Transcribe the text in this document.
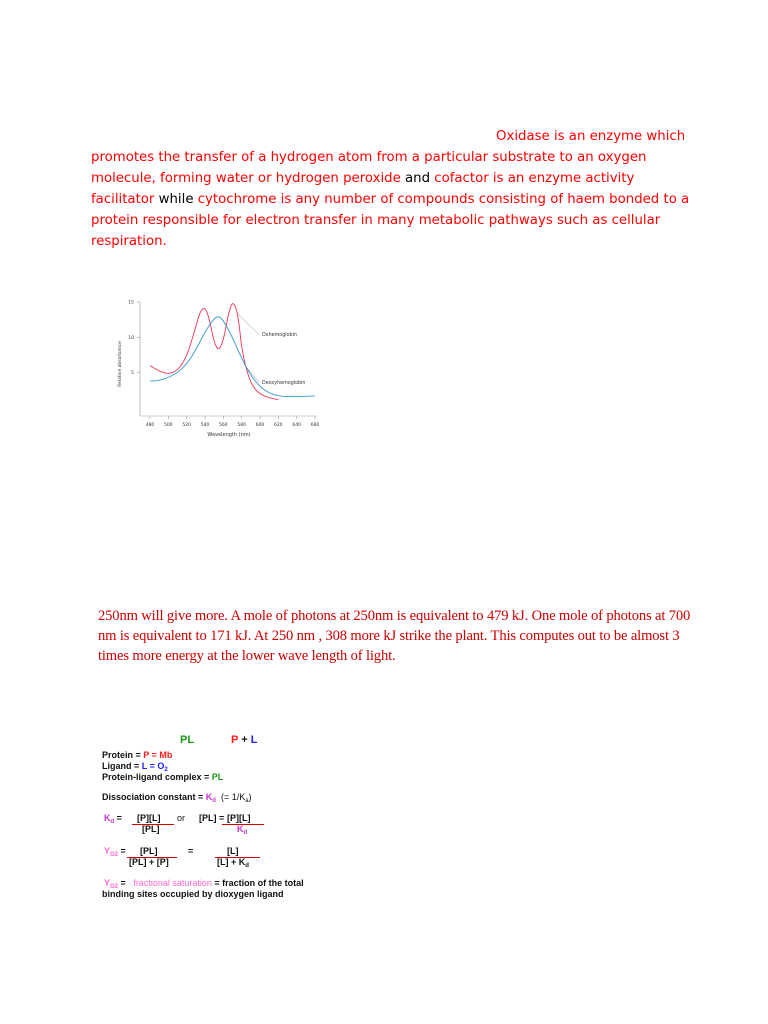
Oxidase is an enzyme which promotes the transfer of a hydrogen atom from a particular substrate to an oxygen molecule, forming water or hydrogen peroxide and cofactor is an enzyme activity facilitator while cytochrome is any number of compounds consisting of haem bonded to a protein responsible for electron transfer in many metabolic pathways such as cellular respiration.
5
10
15
480 500 520 540 560 580 600 620 640 660
Relative absorbance
Wavelength (nm)
Oxhemoglobin
Deoxyhemoglobin
250nm will give more. A mole of photons at 250nm is equivalent to 479 kJ. One mole of photons at 700 nm is equivalent to 171 kJ. At 250 nm , 308 more kJ strike the plant. This computes out to be almost 3 times more energy at the lower wave length of light.
PL	P + L
Protein = P = Mb
Ligand = $L = O_2$
Protein-ligand complex = PL
Dissociation constant = $K_d$ (= $1/K_a$)
$K_d = [P][L]$
[PL]
or [PL] = [P][L]
$K_d$
$Y_{O2} = [PL]$
[PL] + [P]
=	[L]
$[L] + K_d$
$Y_{O2}$ = fractional saturation = fraction of the total
binding sites occupied by dioxygen ligand
